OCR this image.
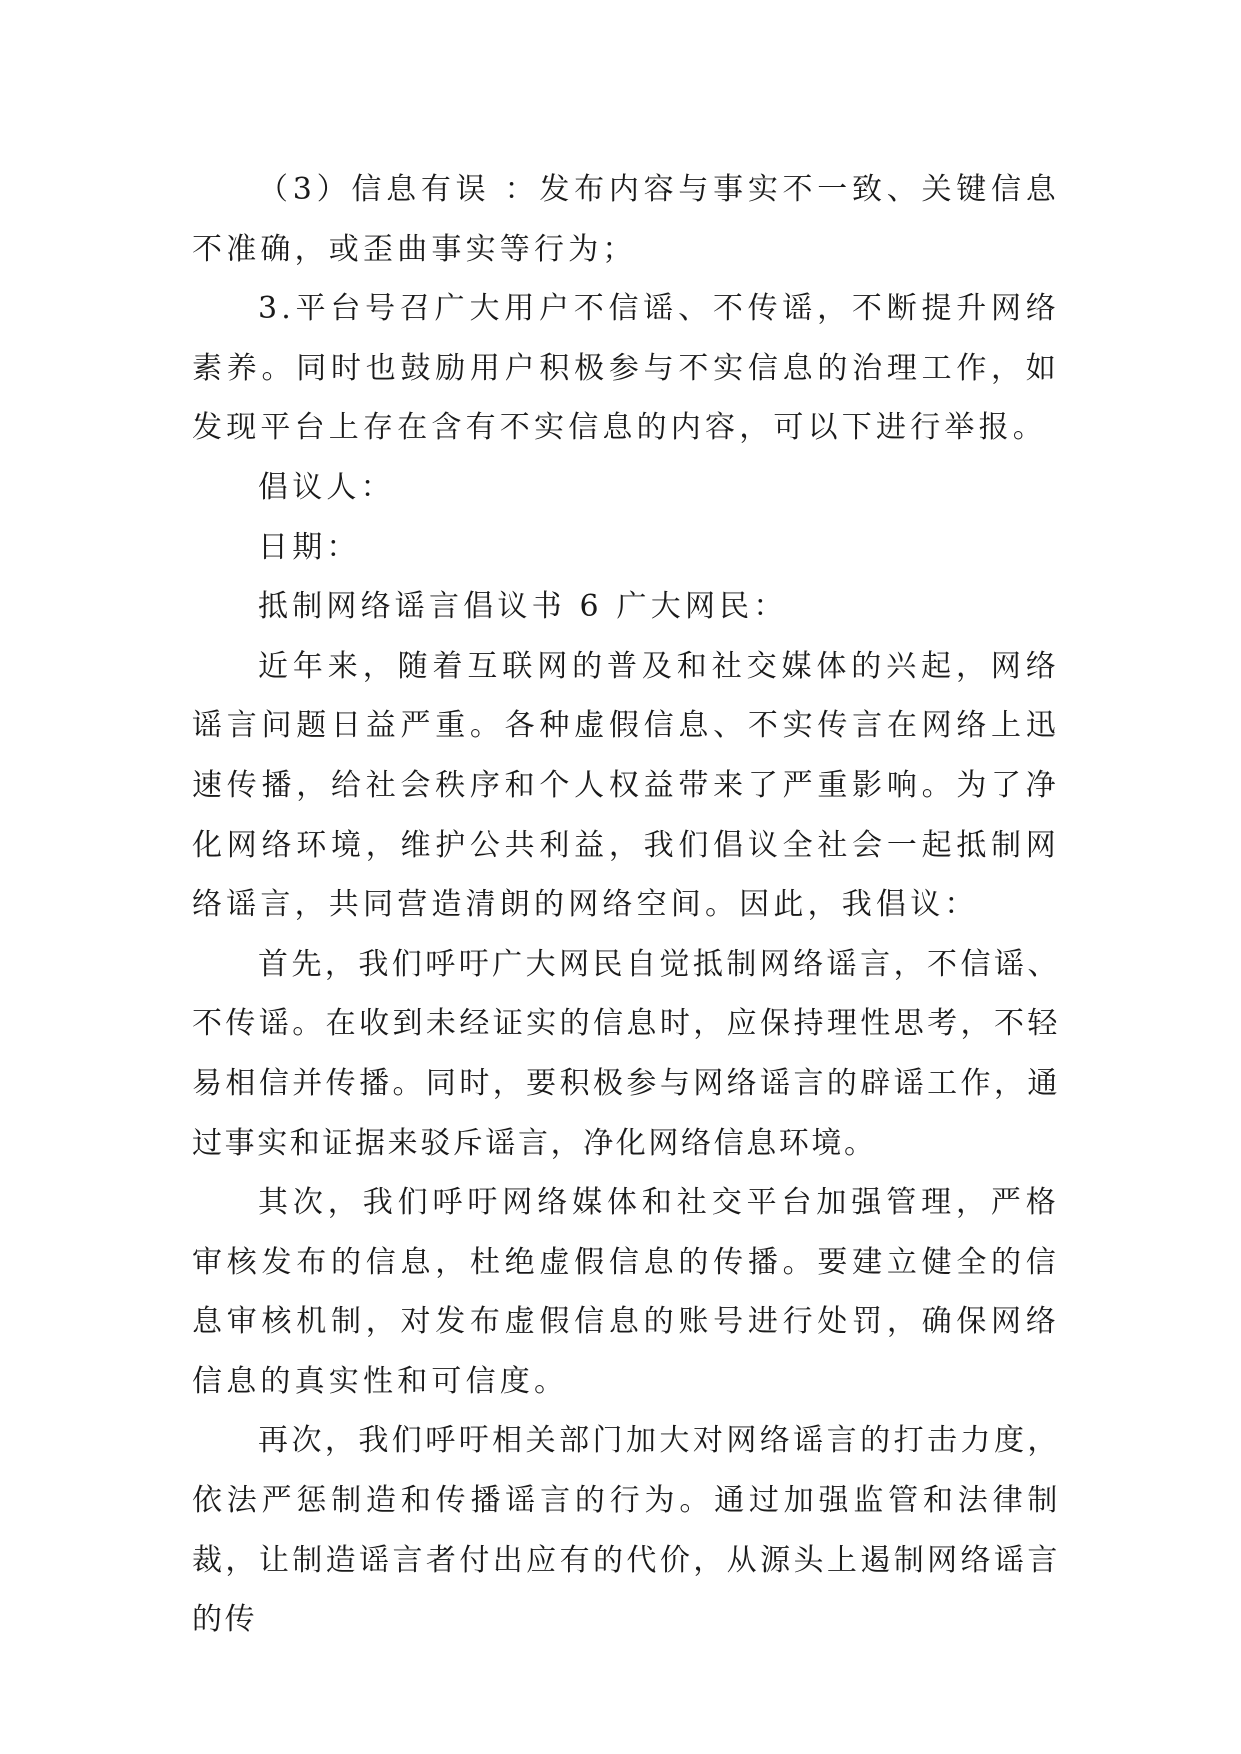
（3）信息有误 ：发布内容与事实不一致、关键信息不准确，或歪曲事实等行为；

3.平台号召广大用户不信谣、不传谣，不断提升网络素养。同时也鼓励用户积极参与不实信息的治理工作，如发现平台上存在含有不实信息的内容，可以下进行举报。

倡议人：

日期：

抵制网络谣言倡议书 6 广大网民：

近年来，随着互联网的普及和社交媒体的兴起，网络谣言问题日益严重。各种虚假信息、不实传言在网络上迅速传播，给社会秩序和个人权益带来了严重影响。为了净化网络环境，维护公共利益，我们倡议全社会一起抵制网络谣言，共同营造清朗的网络空间。因此，我倡议：

首先，我们呼吁广大网民自觉抵制网络谣言，不信谣、不传谣。在收到未经证实的信息时，应保持理性思考，不轻易相信并传播。同时，要积极参与网络谣言的辟谣工作，通过事实和证据来驳斥谣言，净化网络信息环境。

其次，我们呼吁网络媒体和社交平台加强管理，严格审核发布的信息，杜绝虚假信息的传播。要建立健全的信息审核机制，对发布虚假信息的账号进行处罚，确保网络信息的真实性和可信度。

再次，我们呼吁相关部门加大对网络谣言的打击力度，依法严惩制造和传播谣言的行为。通过加强监管和法律制裁，让制造谣言者付出应有的代价，从源头上遏制网络谣言的传
